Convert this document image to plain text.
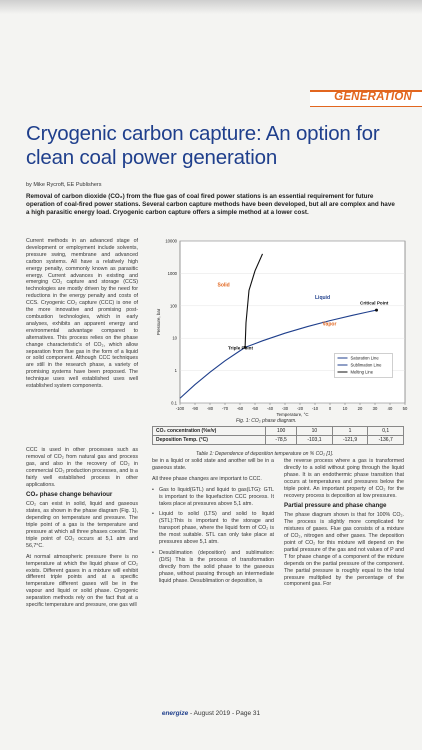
GENERATION
Cryogenic carbon capture: An option for clean coal power generation
by Mike Rycroft, EE Publishers
Removal of carbon dioxide (CO₂) from the flue gas of coal fired power stations is an essential requirement for future operation of coal-fired power stations. Several carbon capture methods have been developed, but all are complex and have a high parasitic energy load. Cryogenic carbon capture offers a simple method at a lower cost.

Current methods in an advanced stage of development or employment include solvents, pressure swing, membrane and advanced carbon systems. All have a relatively high energy penalty, commonly known as parasitic energy. Current advances in existing and emerging CO₂ capture and storage (CCS) technologies are mostly driven by the need for reductions in the energy penalty and costs of CCS. Cryogenic CO₂ capture (CCC) is one of the more innovative and promising post-combustion technologies, which in early analyses, exhibits an apparent energy and environmental advantage compared to alternatives. This process relies on the phase change characteristic's of CO₂, which allow separation from flue gas in the form of a liquid or solid component. Although CCC techniques are still in the research phase, a variety of promising systems have been proposed. The technique uses well established uses well established system components.

CCC is used in other processes such as removal of CO₂ from natural gas and process gas, and also in the recovery of CO₂ in commercial CO₂ production processes, and is a fairly well established process in other applications.

CO₂ phase change behaviour

CO₂ can exist in solid, liquid and gaseous states, as shown in the phase diagram (Fig. 1), depending on temperature and pressure. The triple point of a gas is the temperature and pressure at which all three phases coexist. The triple point of CO₂ occurs at 5,1 atm and 56,7°C.

At normal atmospheric pressure there is no temperature at which the liquid phase of CO₂ exists. Different gases in a mixture will exhibit different triple points and at a specific temperature different gases will be in the vapour and liquid or solid phase. Cryogenic separation methods rely on the fact that at a specific temperature and pressure, one gas will

0.1
1
10
100
1000
10000
-100 -90 -80 -70 -60 -50 -40 -30 -20 -10	0	10 20 30 40 50
Temperature, °C
Pressure, bar
Solid
Liquid
Vapor
Triple Point
Critical Point
Saturation Line
Sublimation Line
Melting Line
Fig. 1: CO₂ phase diagram.
CO₂ concentration (%v/v)	100	10	1	0,1
Deposition Temp. (°C)	-78,5	-103,1	-121,9	-136,7
Table 1: Dependence of deposition temperature on % CO₂ [1].

be in a liquid or solid state and another will be in a gaseous state.

All three phase changes are important to CCC.

• Gas to liquid(GTL) and liquid to gas(LTG): GTL is important to the liquefaction CCC process. It takes place at pressures above 5,1 atm.
• Liquid to solid (LTS) and solid to liquid (STL):This is important to the storage and transport phase, where the liquid form of CO₂ is the most suitable. STL can only take place at pressures above 5,1 atm.
• Desublimation (deposition) and sublimation: (D/S) This is the process of transformation directly from the solid phase to the gaseous phase, without passing through an intermediate liquid phase. Desublimation or deposition, is

the reverse process where a gas is transformed directly to a solid without going through the liquid phase. It is an endothermic phase transition that occurs at temperatures and pressures below the triple point. An important property of CO₂ for the recovery process is deposition at low pressures.

Partial pressure and phase change

The phase diagram shown is that for 100% CO₂. The process is slightly more complicated for mixtures of gases. Flue gas consists of a mixture of CO₂, nitrogen and other gases. The deposition point of CO₂ for this mixture will depend on the partial pressure of the gas and not values of P and T for phase change of a component of the mixture depends on the partial pressure of the component. The partial pressure is roughly equal to the total pressure multiplied by the percentage of the component gas. For

energize - August 2019 - Page 31
